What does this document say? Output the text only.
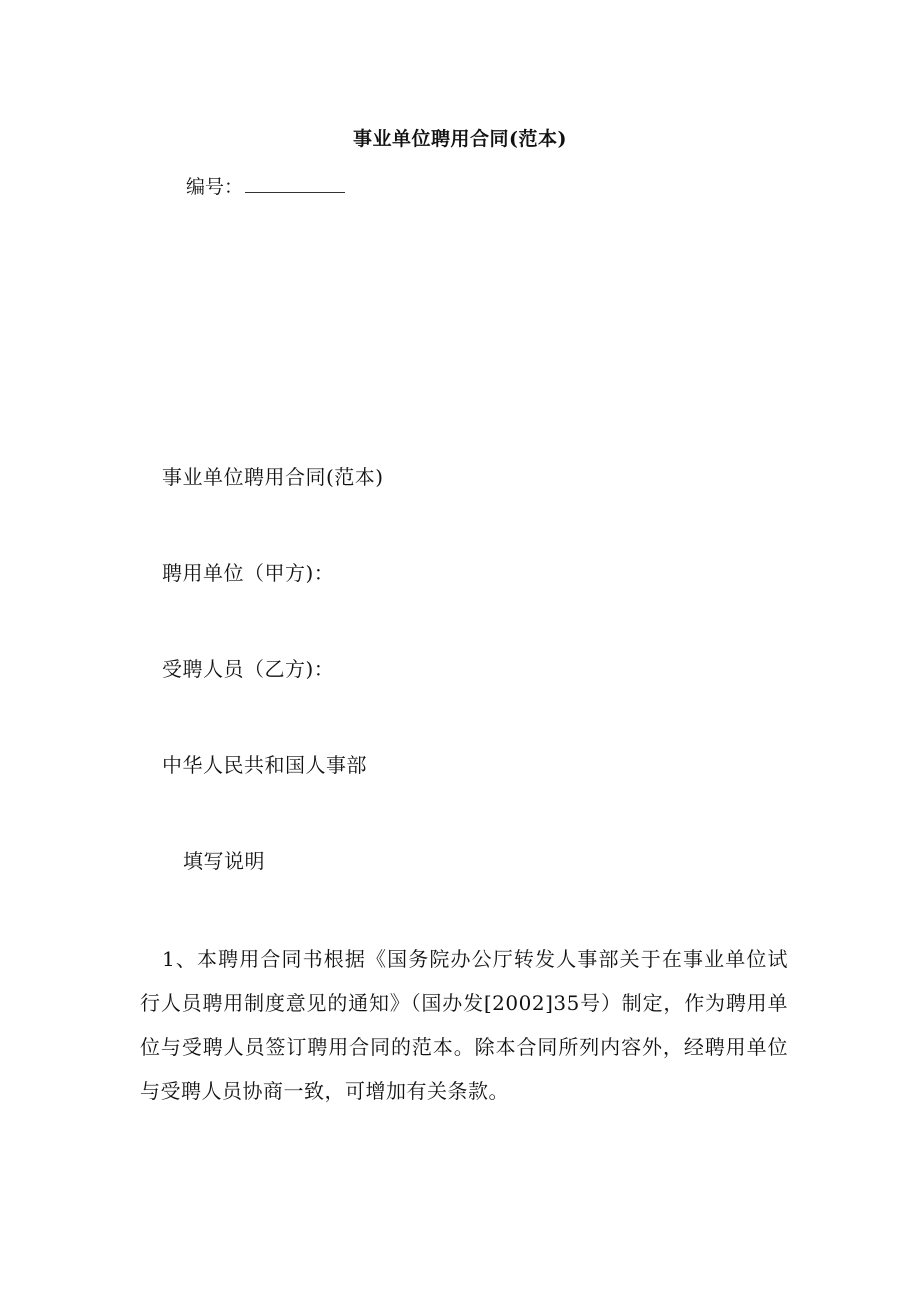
事业单位聘用合同(范本)
编号：
事业单位聘用合同(范本)
聘用单位（甲方)：
受聘人员（乙方)：
中华人民共和国人事部
填写说明
1、本聘用合同书根据《国务院办公厅转发人事部关于在事业单位试行人员聘用制度意见的通知》（国办发[2002]35号）制定，作为聘用单位与受聘人员签订聘用合同的范本。除本合同所列内容外，经聘用单位与受聘人员协商一致，可增加有关条款。
